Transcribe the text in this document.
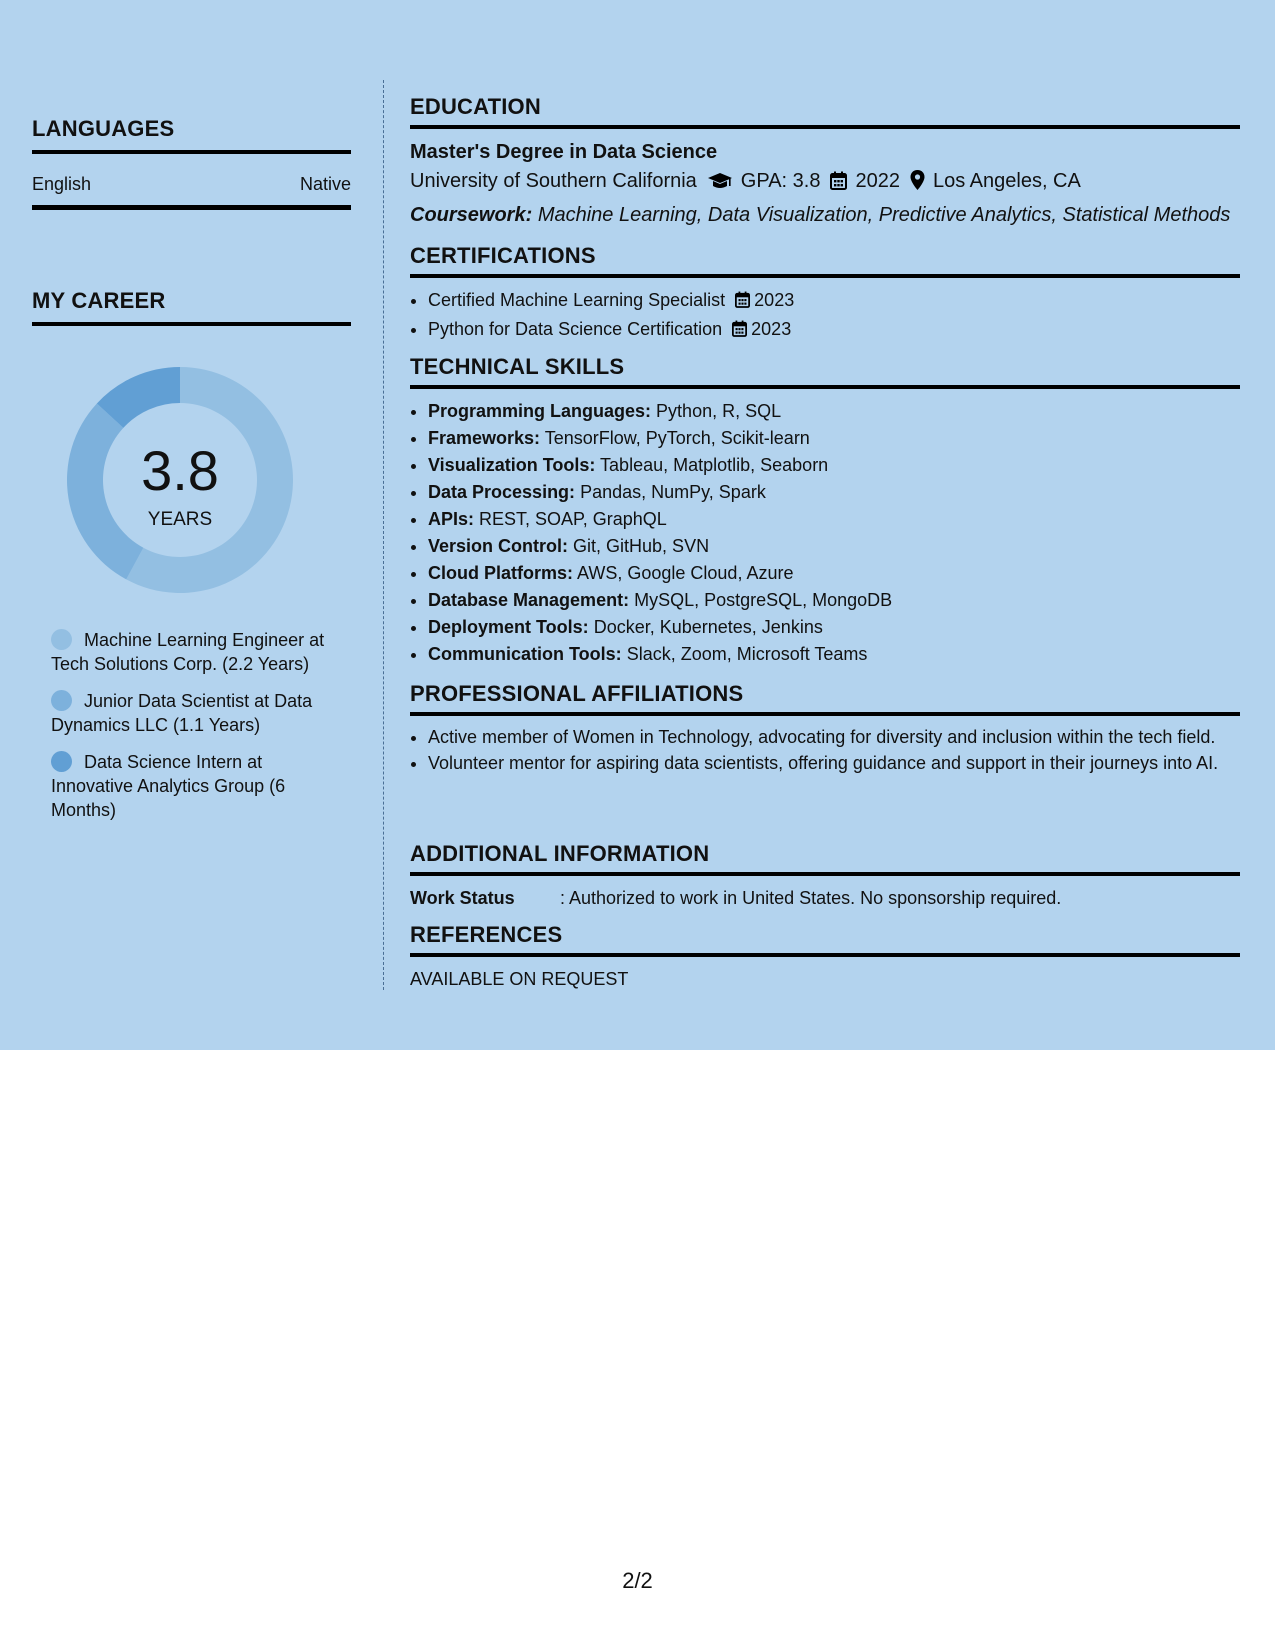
LANGUAGES
English	Native
MY CAREER
3.8
YEARS
Machine Learning Engineer at Tech Solutions Corp. (2.2 Years)
Junior Data Scientist at Data Dynamics LLC (1.1 Years)
Data Science Intern at Innovative Analytics Group (6 Months)
EDUCATION
Master's Degree in Data Science
University of Southern California GPA: 3.8 2022 Los Angeles, CA
Coursework: Machine Learning, Data Visualization, Predictive Analytics, Statistical Methods
CERTIFICATIONS
• Certified Machine Learning Specialist 2023
• Python for Data Science Certification 2023
TECHNICAL SKILLS
• Programming Languages: Python, R, SQL
• Frameworks: TensorFlow, PyTorch, Scikit-learn
• Visualization Tools: Tableau, Matplotlib, Seaborn
• Data Processing: Pandas, NumPy, Spark
• APIs: REST, SOAP, GraphQL
• Version Control: Git, GitHub, SVN
• Cloud Platforms: AWS, Google Cloud, Azure
• Database Management: MySQL, PostgreSQL, MongoDB
• Deployment Tools: Docker, Kubernetes, Jenkins
• Communication Tools: Slack, Zoom, Microsoft Teams
PROFESSIONAL AFFILIATIONS
• Active member of Women in Technology, advocating for diversity and inclusion within the tech field.
• Volunteer mentor for aspiring data scientists, offering guidance and support in their journeys into AI.
ADDITIONAL INFORMATION
Work Status	: Authorized to work in United States. No sponsorship required.
REFERENCES
AVAILABLE ON REQUEST
2/2
